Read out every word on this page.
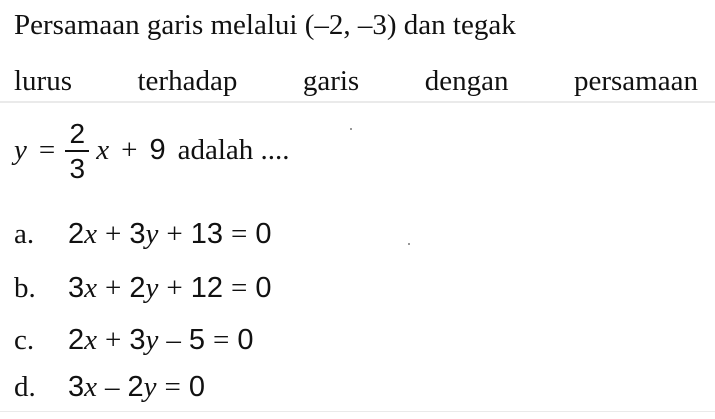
Persamaan garis melalui (–2, –3) dan tegak
lurus terhadap garis dengan persamaan
$y = \frac{2}{3}$ x + 9 adalah ....
a.	2x + 3y + 13 = 0
b.	3x + 2y + 12 = 0
c.	2x + 3y – 5 = 0
d.	3x – 2y = 0
